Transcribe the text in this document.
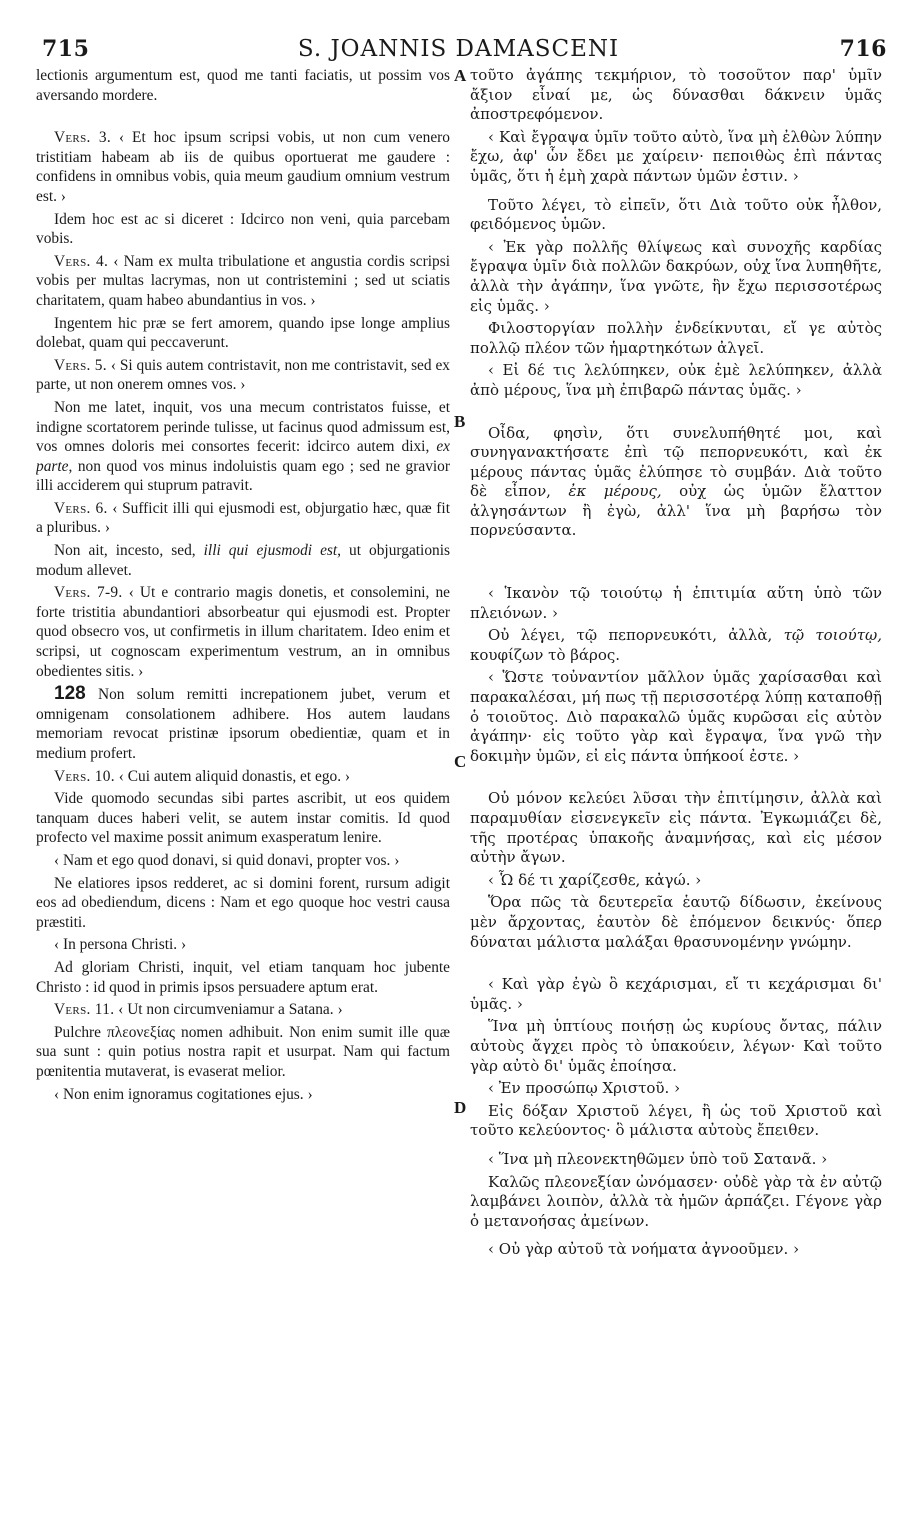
715	S. JOANNIS DAMASCENI	716
A
B
C
D

lectionis argumentum est, quod me tanti faciatis, ut possim vos aversando mordere.

Vers. 3. ‹ Et hoc ipsum scripsi vobis, ut non cum venero tristitiam habeam ab iis de quibus oportuerat me gaudere : confidens in omnibus vobis, quia meum gaudium omnium vestrum est. ›

Idem hoc est ac si diceret : Idcirco non veni, quia parcebam vobis.

Vers. 4. ‹ Nam ex multa tribulatione et angustia cordis scripsi vobis per multas lacrymas, non ut contristemini ; sed ut sciatis charitatem, quam habeo abundantius in vos. ›

Ingentem hic præ se fert amorem, quando ipse longe amplius dolebat, quam qui peccaverunt.

Vers. 5. ‹ Si quis autem contristavit, non me contristavit, sed ex parte, ut non onerem omnes vos. ›

Non me latet, inquit, vos una mecum contristatos fuisse, et indigne scortatorem perinde tulisse, ut facinus quod admissum est, vos omnes doloris mei consortes fecerit: idcirco autem dixi, ex parte, non quod vos minus indoluistis quam ego ; sed ne gravior illi acciderem qui stuprum patravit.

Vers. 6. ‹ Sufficit illi qui ejusmodi est, objurgatio hæc, quæ fit a pluribus. ›

Non ait, incesto, sed, illi qui ejusmodi est, ut objurgationis modum allevet.

Vers. 7-9. ‹ Ut e contrario magis donetis, et consolemini, ne forte tristitia abundantiori absorbeatur qui ejusmodi est. Propter quod obsecro vos, ut confirmetis in illum charitatem. Ideo enim et scripsi, ut cognoscam experimentum vestrum, an in omnibus obedientes sitis. ›

128 Non solum remitti increpationem jubet, verum et omnigenam consolationem adhibere. Hos autem laudans memoriam revocat pristinæ ipsorum obedientiæ, quam et in medium profert.

Vers. 10. ‹ Cui autem aliquid donastis, et ego. ›

Vide quomodo secundas sibi partes ascribit, ut eos quidem tanquam duces haberi velit, se autem instar comitis. Id quod profecto vel maxime possit animum exasperatum lenire.

‹ Nam et ego quod donavi, si quid donavi, propter vos. ›

Ne elatiores ipsos redderet, ac si domini forent, rursum adigit eos ad obediendum, dicens : Nam et ego quoque hoc vestri causa præstiti.

‹ In persona Christi. ›

Ad gloriam Christi, inquit, vel etiam tanquam hoc jubente Christo : id quod in primis ipsos persuadere aptum erat.

Vers. 11. ‹ Ut non circumveniamur a Satana. ›

Pulchre πλεονεξίας nomen adhibuit. Non enim sumit ille quæ sua sunt : quin potius nostra rapit et usurpat. Nam qui factum pœnitentia mutaverat, is evaserat melior.

‹ Non enim ignoramus cogitationes ejus. ›

τοῦτο ἀγάπης τεκμήριον, τὸ τοσοῦτον παρ' ὑμῖν ἄξιον εἶναί με, ὡς δύνασθαι δάκνειν ὑμᾶς ἀποστρεφόμενον.

‹ Καὶ ἔγραψα ὑμῖν τοῦτο αὐτὸ, ἵνα μὴ ἐλθὼν λύπην ἔχω, ἀφ' ὧν ἔδει με χαίρειν· πεποιθὼς ἐπὶ πάντας ὑμᾶς, ὅτι ἡ ἐμὴ χαρὰ πάντων ὑμῶν ἐστιν. ›

Τοῦτο λέγει, τὸ εἰπεῖν, ὅτι Διὰ τοῦτο οὐκ ἦλθον, φειδόμενος ὑμῶν.

‹ Ἐκ γὰρ πολλῆς θλίψεως καὶ συνοχῆς καρδίας ἔγραψα ὑμῖν διὰ πολλῶν δακρύων, οὐχ ἵνα λυπηθῆτε, ἀλλὰ τὴν ἀγάπην, ἵνα γνῶτε, ἣν ἔχω περισσοτέρως εἰς ὑμᾶς. ›

Φιλοστοργίαν πολλὴν ἐνδείκνυται, εἴ γε αὐτὸς πολλῷ πλέον τῶν ἡμαρτηκότων ἀλγεῖ.

‹ Εἰ δέ τις λελύπηκεν, οὐκ ἐμὲ λελύπηκεν, ἀλλὰ ἀπὸ μέρους, ἵνα μὴ ἐπιβαρῶ πάντας ὑμᾶς. ›

Οἶδα, φησὶν, ὅτι συνελυπήθητέ μοι, καὶ συνηγανακτήσατε ἐπὶ τῷ πεπορνευκότι, καὶ ἐκ μέρους πάντας ὑμᾶς ἐλύπησε τὸ συμβάν. Διὰ τοῦτο δὲ εἶπον, ἐκ μέρους, οὐχ ὡς ὑμῶν ἔλαττον ἀλγησάντων ἢ ἐγὼ, ἀλλ' ἵνα μὴ βαρήσω τὸν πορνεύσαντα.

‹ Ἱκανὸν τῷ τοιούτῳ ἡ ἐπιτιμία αὕτη ὑπὸ τῶν πλειόνων. ›

Οὐ λέγει, τῷ πεπορνευκότι, ἀλλὰ, τῷ τοιούτῳ, κουφίζων τὸ βάρος.

‹ Ὥστε τοὐναντίον μᾶλλον ὑμᾶς χαρίσασθαι καὶ παρακαλέσαι, μή πως τῇ περισσοτέρᾳ λύπῃ καταποθῇ ὁ τοιοῦτος. Διὸ παρακαλῶ ὑμᾶς κυρῶσαι εἰς αὐτὸν ἀγάπην· εἰς τοῦτο γὰρ καὶ ἔγραψα, ἵνα γνῶ τὴν δοκιμὴν ὑμῶν, εἰ εἰς πάντα ὑπήκοοί ἐστε. ›

Οὐ μόνον κελεύει λῦσαι τὴν ἐπιτίμησιν, ἀλλὰ καὶ παραμυθίαν εἰσενεγκεῖν εἰς πάντα. Ἐγκωμιάζει δὲ, τῆς προτέρας ὑπακοῆς ἀναμνήσας, καὶ εἰς μέσον αὐτὴν ἄγων.

‹ Ὧ δέ τι χαρίζεσθε, κἀγώ. ›

Ὅρα πῶς τὰ δευτερεῖα ἑαυτῷ δίδωσιν, ἐκείνους μὲν ἄρχοντας, ἑαυτὸν δὲ ἑπόμενον δεικνύς· ὅπερ δύναται μάλιστα μαλάξαι θρασυνομένην γνώμην.

‹ Καὶ γὰρ ἐγὼ ὃ κεχάρισμαι, εἴ τι κεχάρισμαι δι' ὑμᾶς. ›

Ἵνα μὴ ὑπτίους ποιήσῃ ὡς κυρίους ὄντας, πάλιν αὐτοὺς ἄγχει πρὸς τὸ ὑπακούειν, λέγων· Καὶ τοῦτο γὰρ αὐτὸ δι' ὑμᾶς ἐποίησα.

‹ Ἐν προσώπῳ Χριστοῦ. ›

Εἰς δόξαν Χριστοῦ λέγει, ἢ ὡς τοῦ Χριστοῦ καὶ τοῦτο κελεύοντος· ὃ μάλιστα αὐτοὺς ἔπειθεν.

‹ Ἵνα μὴ πλεονεκτηθῶμεν ὑπὸ τοῦ Σατανᾶ. ›

Καλῶς πλεονεξίαν ὠνόμασεν· οὐδὲ γὰρ τὰ ἐν αὐτῷ λαμβάνει λοιπὸν, ἀλλὰ τὰ ἡμῶν ἁρπάζει. Γέγονε γὰρ ὁ μετανοήσας ἀμείνων.

‹ Οὐ γὰρ αὐτοῦ τὰ νοήματα ἀγνοοῦμεν. ›
